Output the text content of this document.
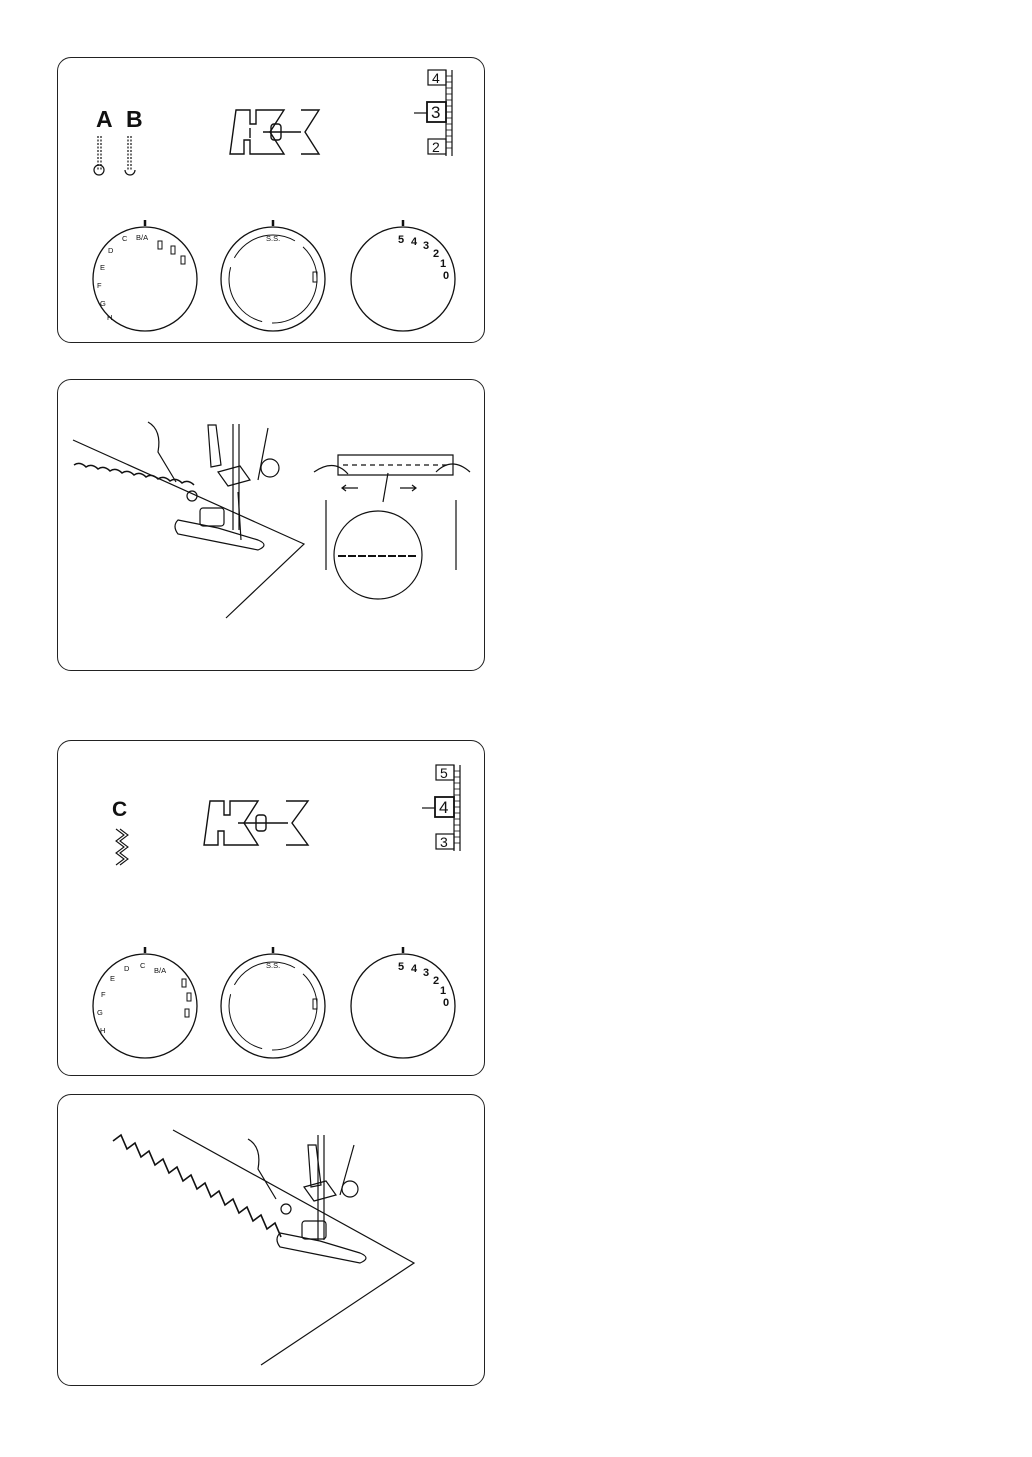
A B
4
3
2
B/A
C
D
E
F
G
H
S.S.	5 4 3
2
1
0
C
5
4
3
B/A
C
D
E
F
G
H
S.S.	5 4 3
2
1
0
